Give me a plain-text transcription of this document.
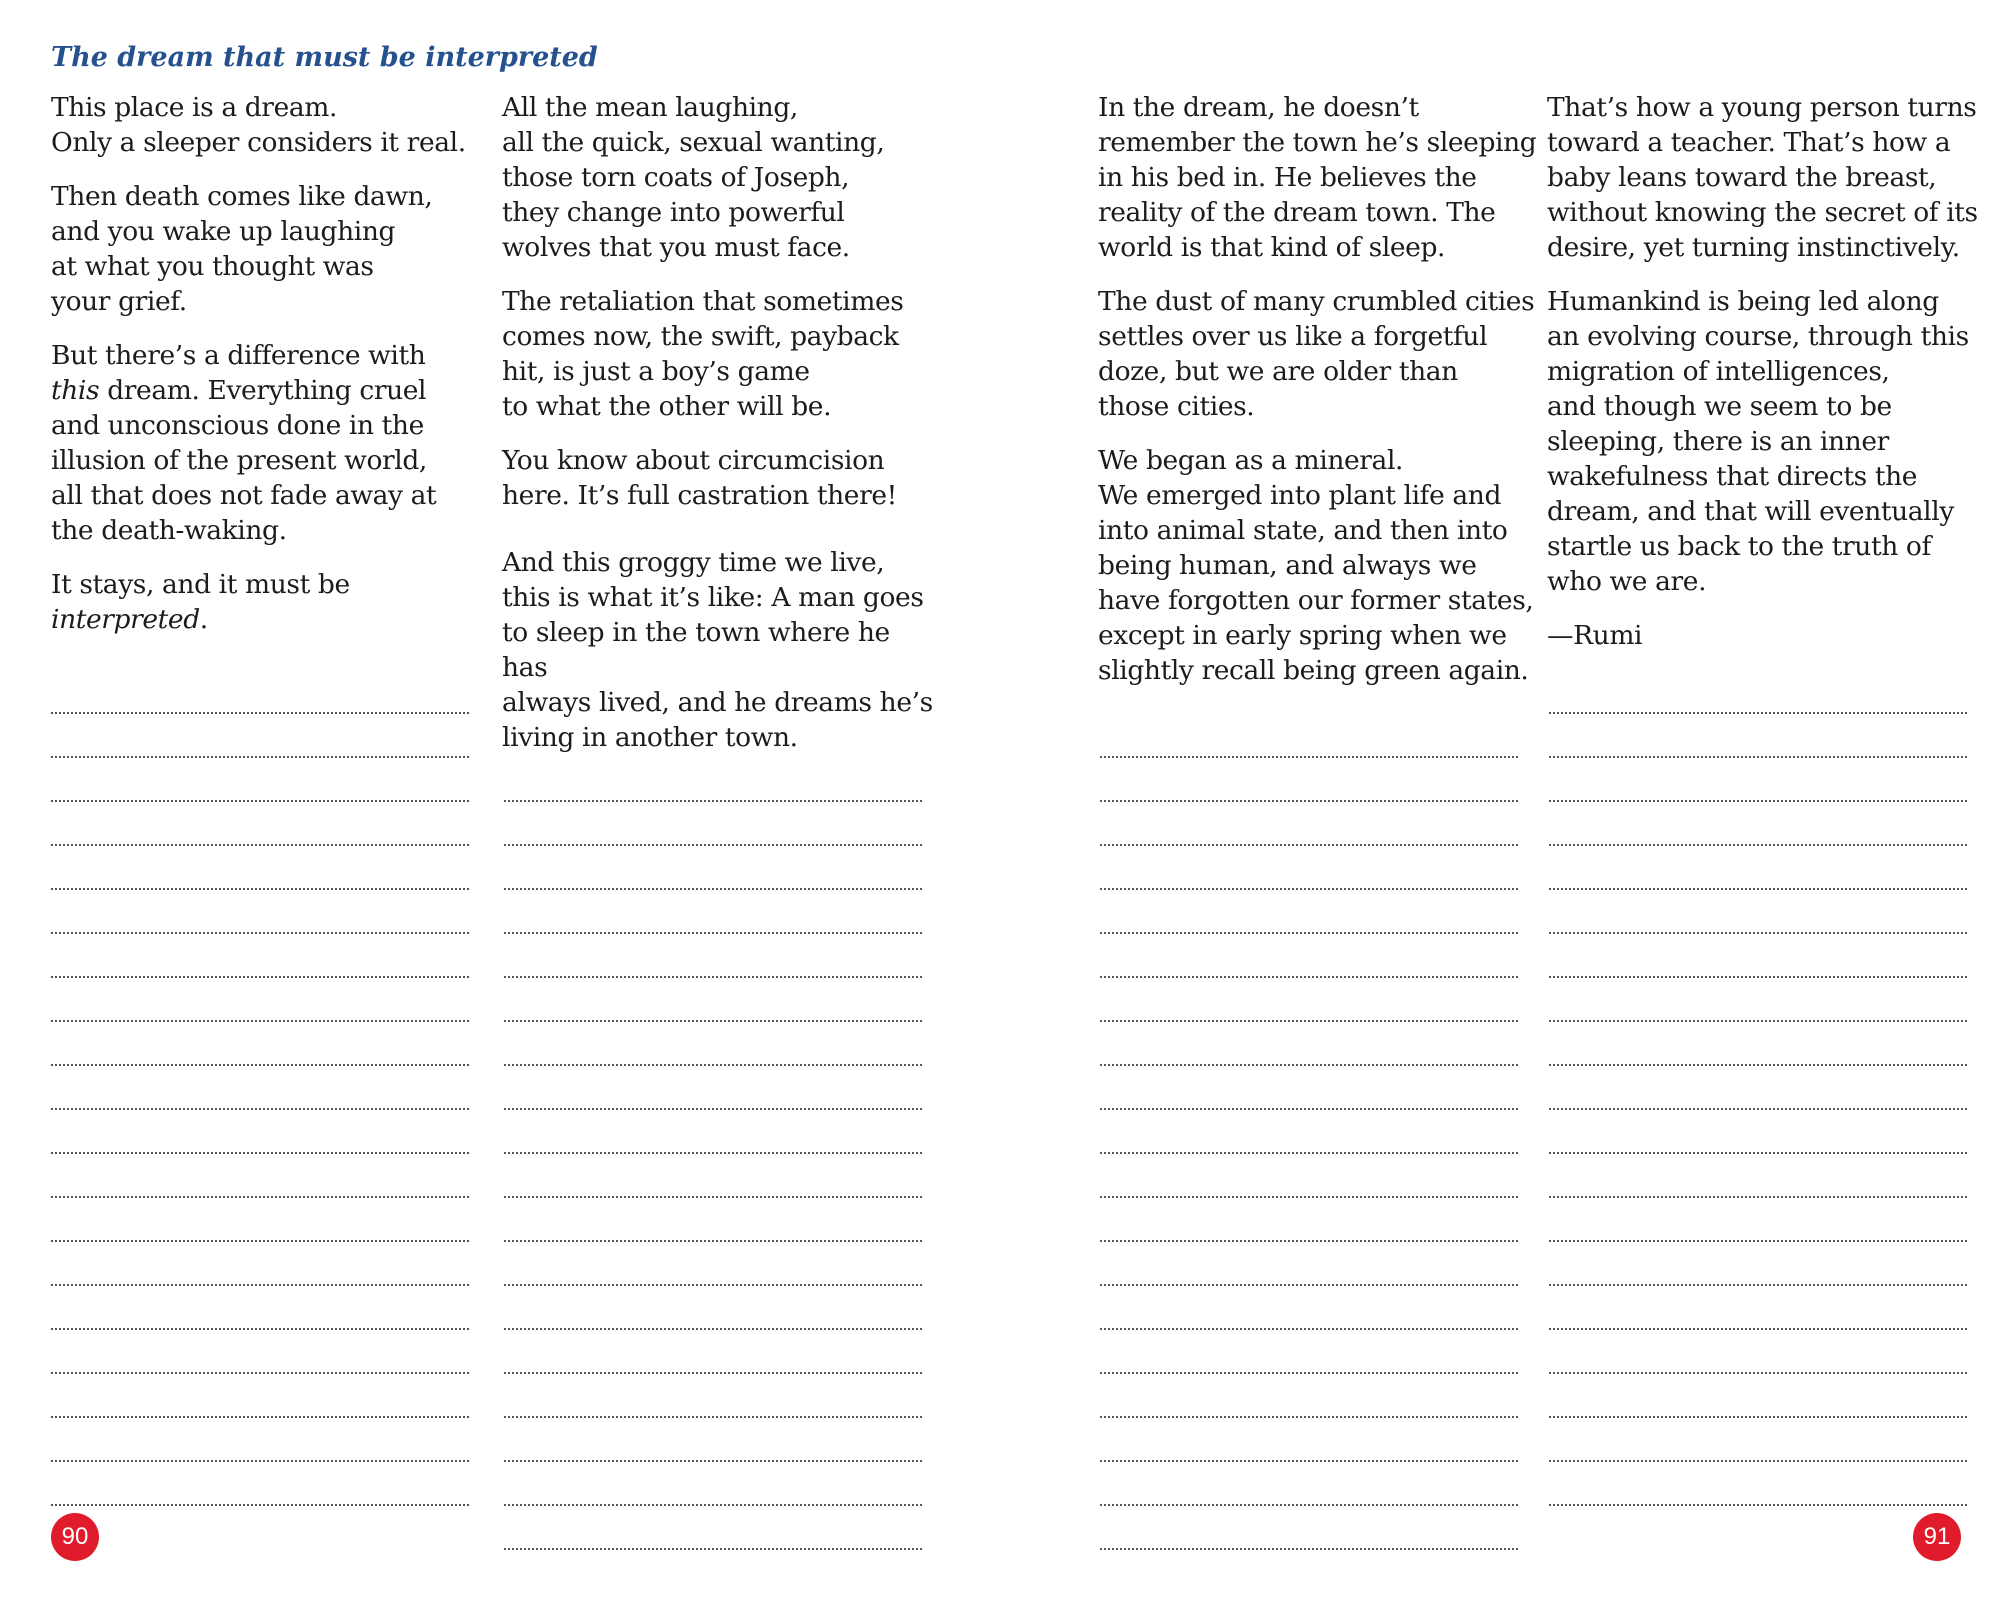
The dream that must be interpreted

This place is a dream.
Only a sleeper considers it real.

Then death comes like dawn,
and you wake up laughing
at what you thought was
your grief.

But there’s a difference with
this dream. Everything cruel
and unconscious done in the
illusion of the present world,
all that does not fade away at
the death-waking.

It stays, and it must be
interpreted.

All the mean laughing,
all the quick, sexual wanting,
those torn coats of Joseph,
they change into powerful
wolves that you must face.

The retaliation that sometimes
comes now, the swift, payback
hit, is just a boy’s game
to what the other will be.

You know about circumcision
here. It’s full castration there!

And this groggy time we live,
this is what it’s like: A man goes
to sleep in the town where he has
always lived, and he dreams he’s
living in another town.

In the dream, he doesn’t
remember the town he’s sleeping
in his bed in. He believes the
reality of the dream town. The
world is that kind of sleep.

The dust of many crumbled cities
settles over us like a forgetful
doze, but we are older than
those cities.

We began as a mineral.
We emerged into plant life and
into animal state, and then into
being human, and always we
have forgotten our former states,
except in early spring when we
slightly recall being green again.

That’s how a young person turns
toward a teacher. That’s how a
baby leans toward the breast,
without knowing the secret of its
desire, yet turning instinctively.

Humankind is being led along
an evolving course, through this
migration of intelligences,
and though we seem to be
sleeping, there is an inner
wakefulness that directs the
dream, and that will eventually
startle us back to the truth of
who we are.

—Rumi

90	91
